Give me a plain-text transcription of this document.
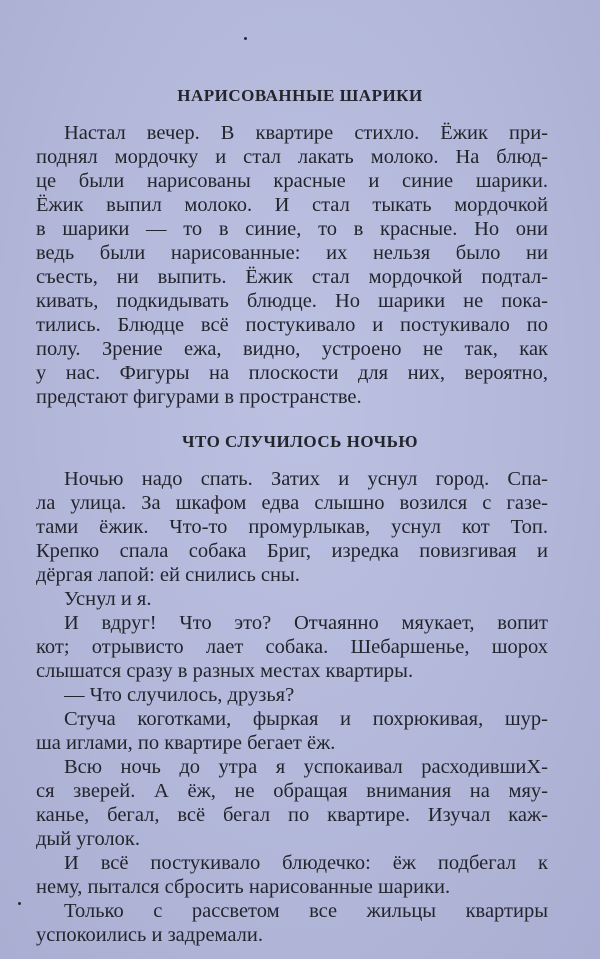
НАРИСОВАННЫЕ ШАРИКИ

Настал вечер. В квартире стихло. Ёжик при-

поднял мордочку и стал лакать молоко. На блюд-

це были нарисованы красные и синие шарики.

Ёжик выпил молоко. И стал тыкать мордочкой

в шарики — то в синие, то в красные. Но они

ведь были нарисованные: их нельзя было ни

съесть, ни выпить. Ёжик стал мордочкой подтал-

кивать, подкидывать блюдце. Но шарики не пока-

тились. Блюдце всё постукивало и постукивало по

полу. Зрение ежа, видно, устроено не так, как

у нас. Фигуры на плоскости для них, вероятно,

предстают фигурами в пространстве.

ЧТО СЛУЧИЛОСЬ НОЧЬЮ

Ночью надо спать. Затих и уснул город. Спа-

ла улица. За шкафом едва слышно возился с газе-

тами ёжик. Что-то промурлыкав, уснул кот Топ.

Крепко спала собака Бриг, изредка повизгивая и

дёргая лапой: ей снились сны.

Уснул и я.

И вдруг! Что это? Отчаянно мяукает, вопит

кот; отрывисто лает собака. Шебаршенье, шорох

слышатся сразу в разных местах квартиры.

— Что случилось, друзья?

Стуча коготками, фыркая и похрюкивая, шур-

ша иглами, по квартире бегает ёж.

Всю ночь до утра я успокаивал расходившиХ-

ся зверей. А ёж, не обращая внимания на мяу-

канье, бегал, всё бегал по квартире. Изучал каж-

дый уголок.

И всё постукивало блюдечко: ёж подбегал к

нему, пытался сбросить нарисованные шарики.

Только с рассветом все жильцы квартиры

успокоились и задремали.
